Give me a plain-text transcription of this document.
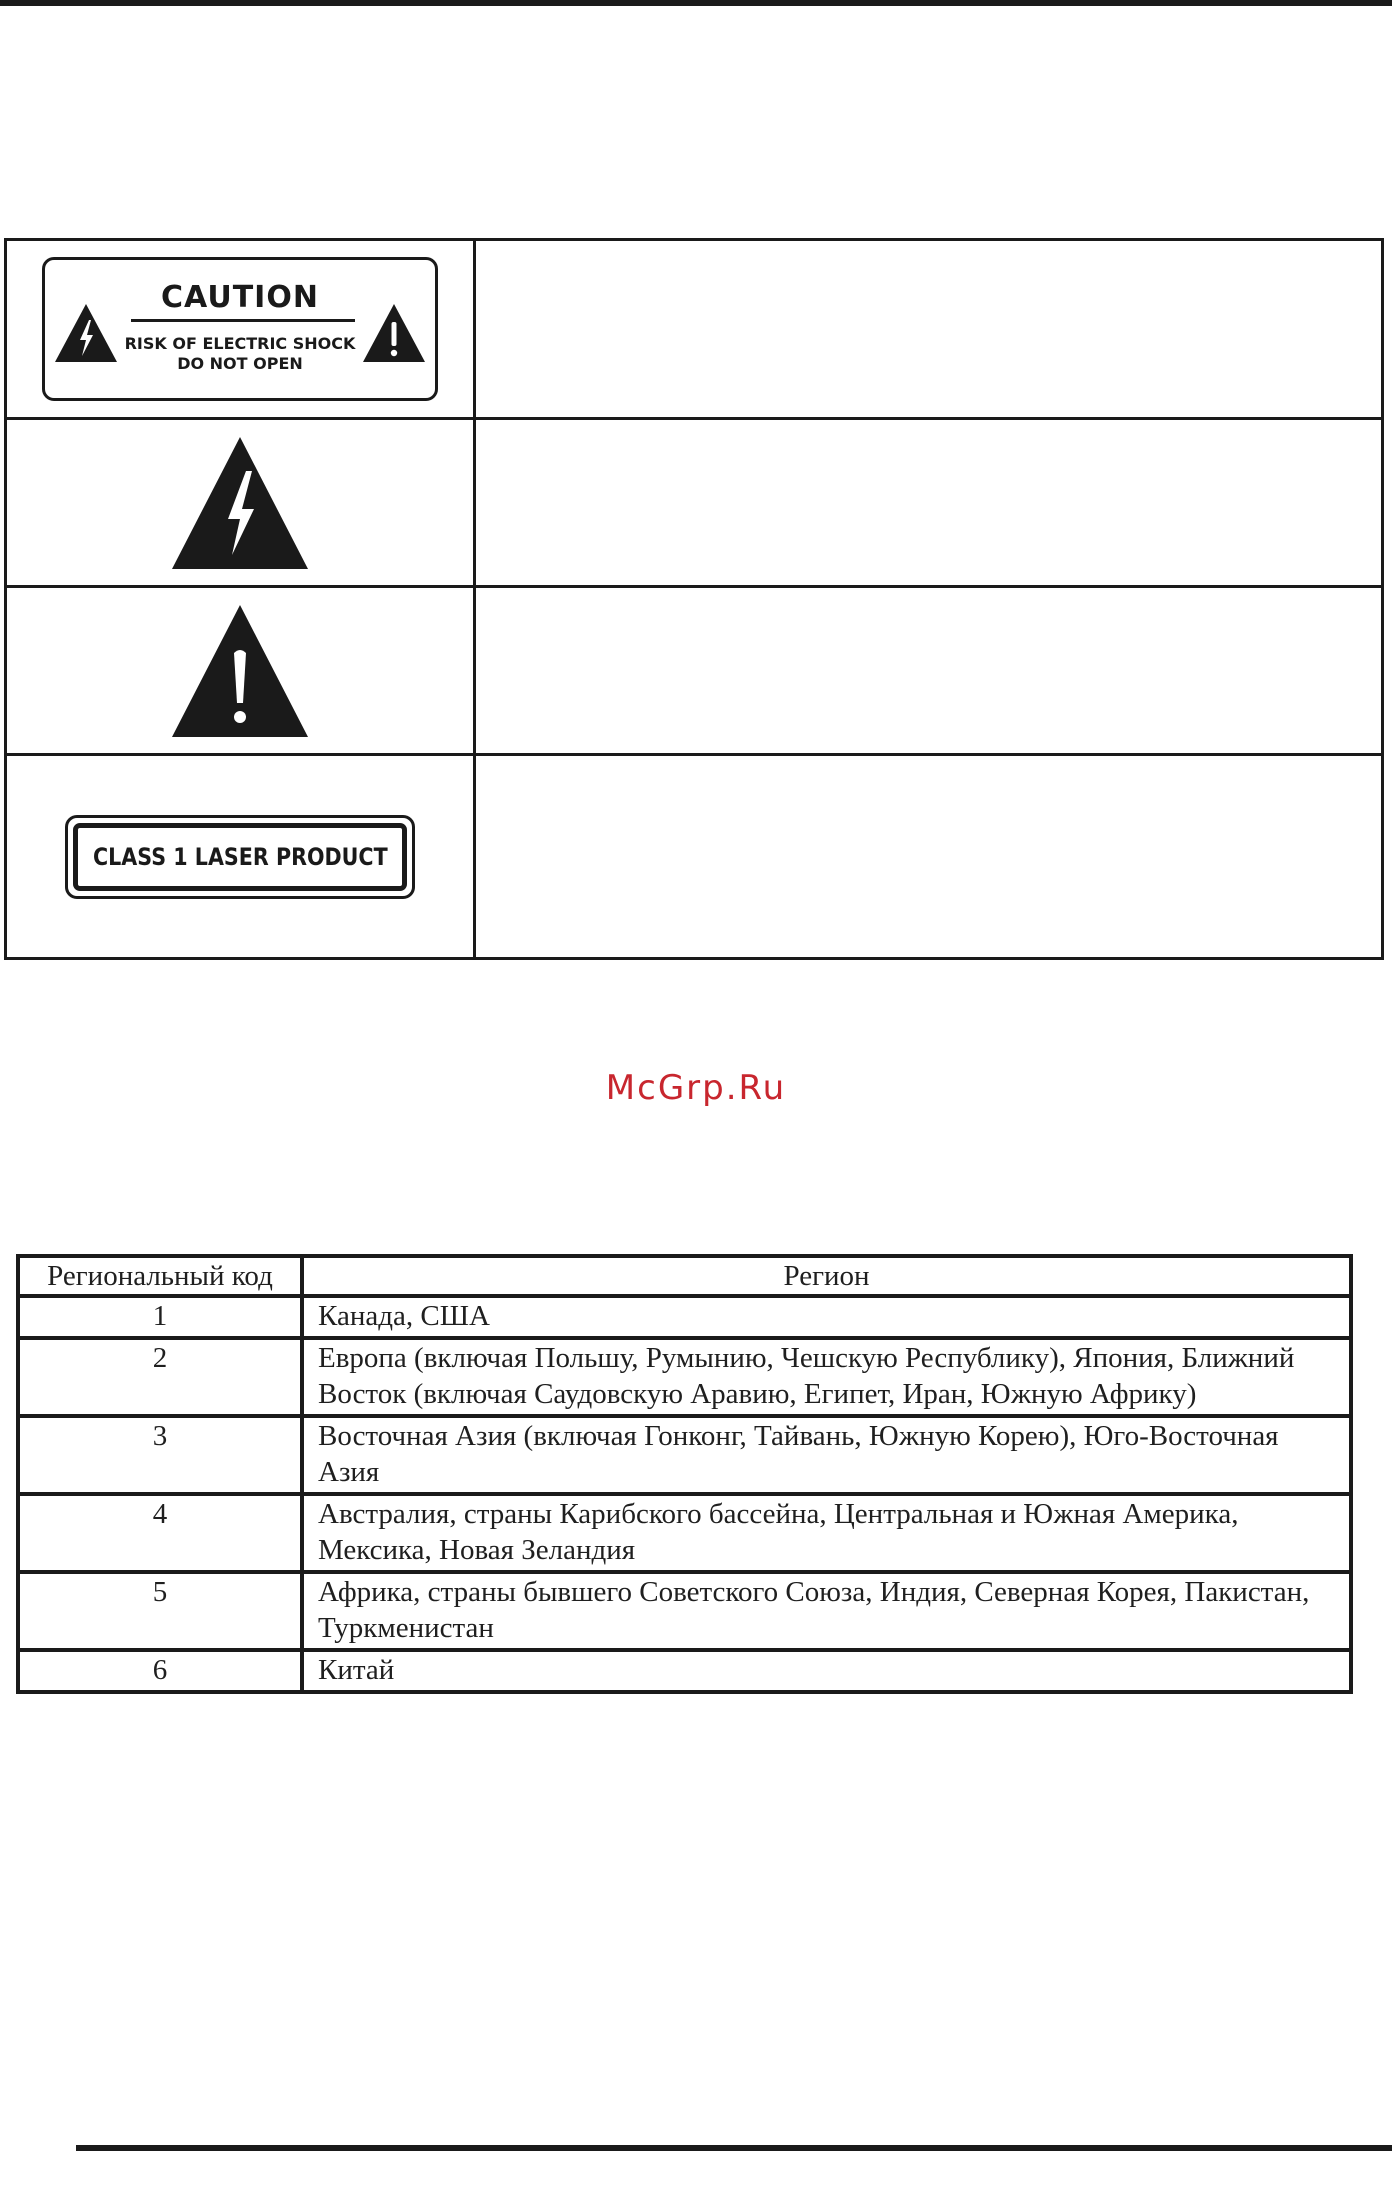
CAUTION
RISK OF ELECTRIC SHOCK
DO NOT OPEN
CLASS 1 LASER PRODUCT
McGrp.Ru
Региональный код	Регион
1	Канада, США
2	Европа (включая Польшу, Румынию, Чешскую Республику), Япония, Ближний Восток (включая Саудовскую Аравию, Египет, Иран, Южную Африку)
3	Восточная Азия (включая Гонконг, Тайвань, Южную Корею), Юго-Восточная Азия
4	Австралия, страны Карибского бассейна, Центральная и Южная Америка, Мексика, Новая Зеландия
5	Африка, страны бывшего Советского Союза, Индия, Северная Корея, Пакистан, Туркменистан
6	Китай
